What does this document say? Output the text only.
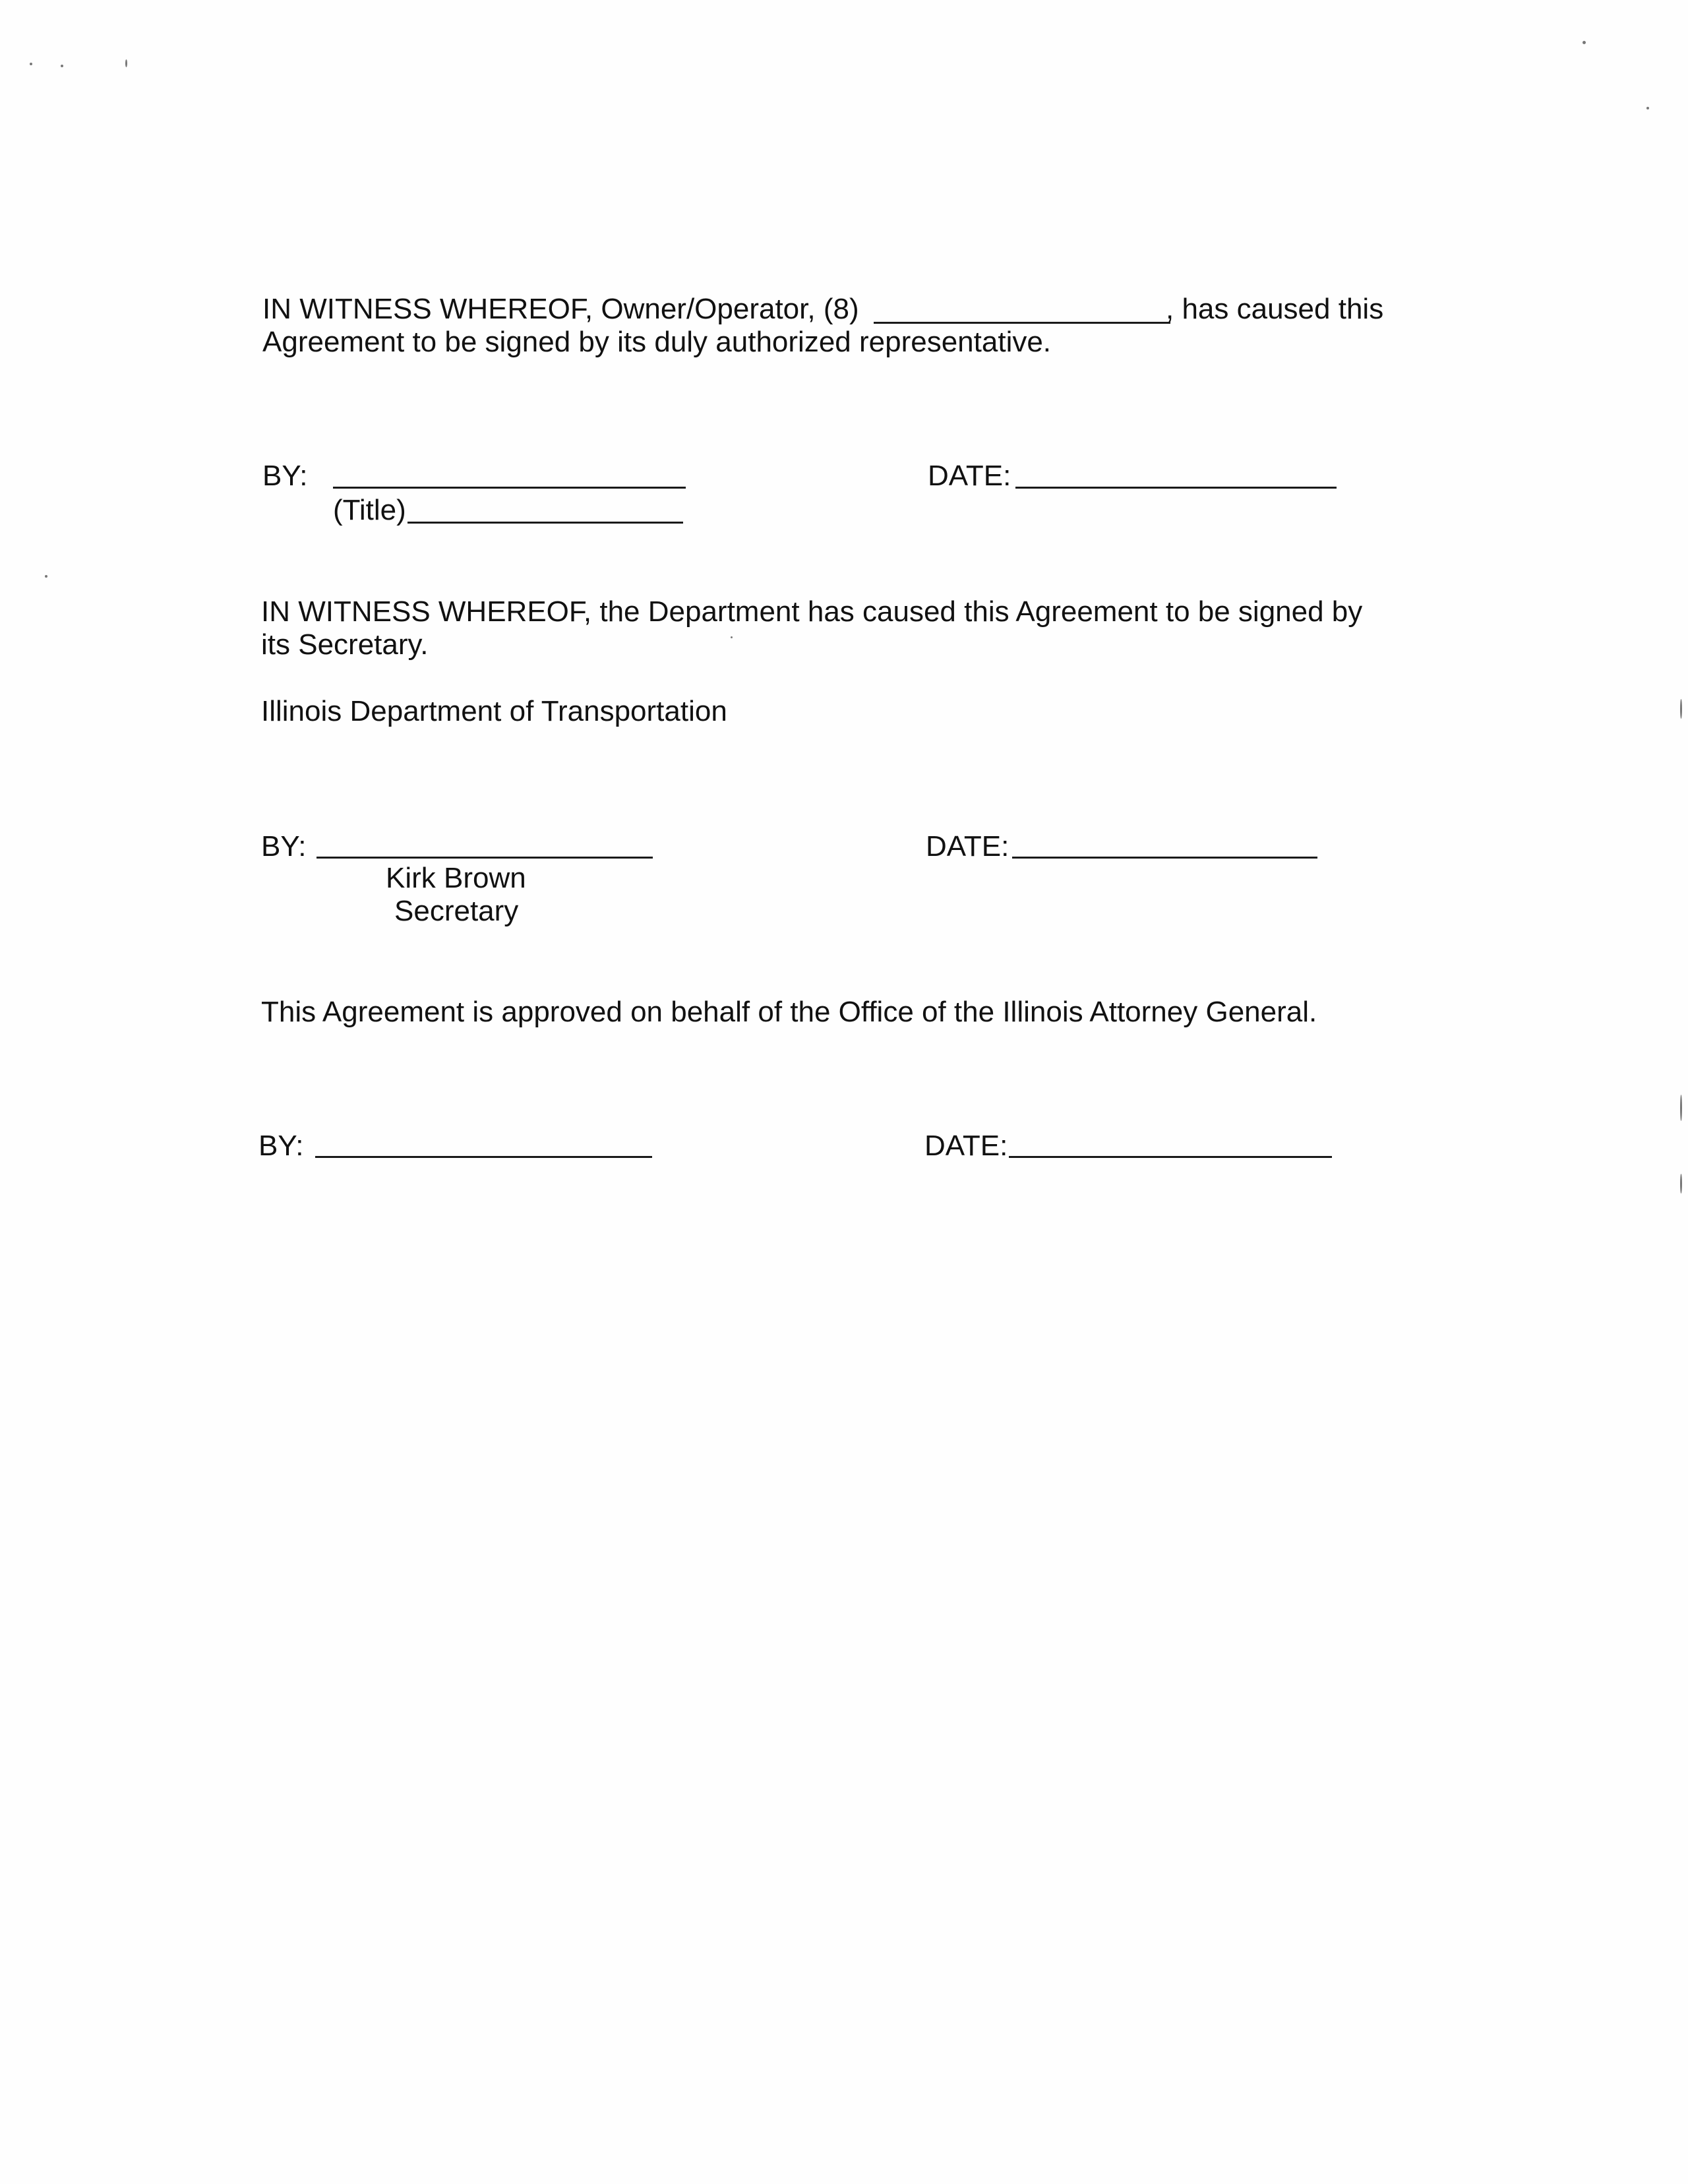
IN WITNESS WHEREOF, Owner/Operator, (8)	, has caused this

Agreement to be signed by its duly authorized representative.

BY:

(Title)

DATE:

IN WITNESS WHEREOF, the Department has caused this Agreement to be signed by

its Secretary.

Illinois Department of Transportation

BY:

Kirk Brown

Secretary

DATE:

This Agreement is approved on behalf of the Office of the Illinois Attorney General.

BY:	DATE:
